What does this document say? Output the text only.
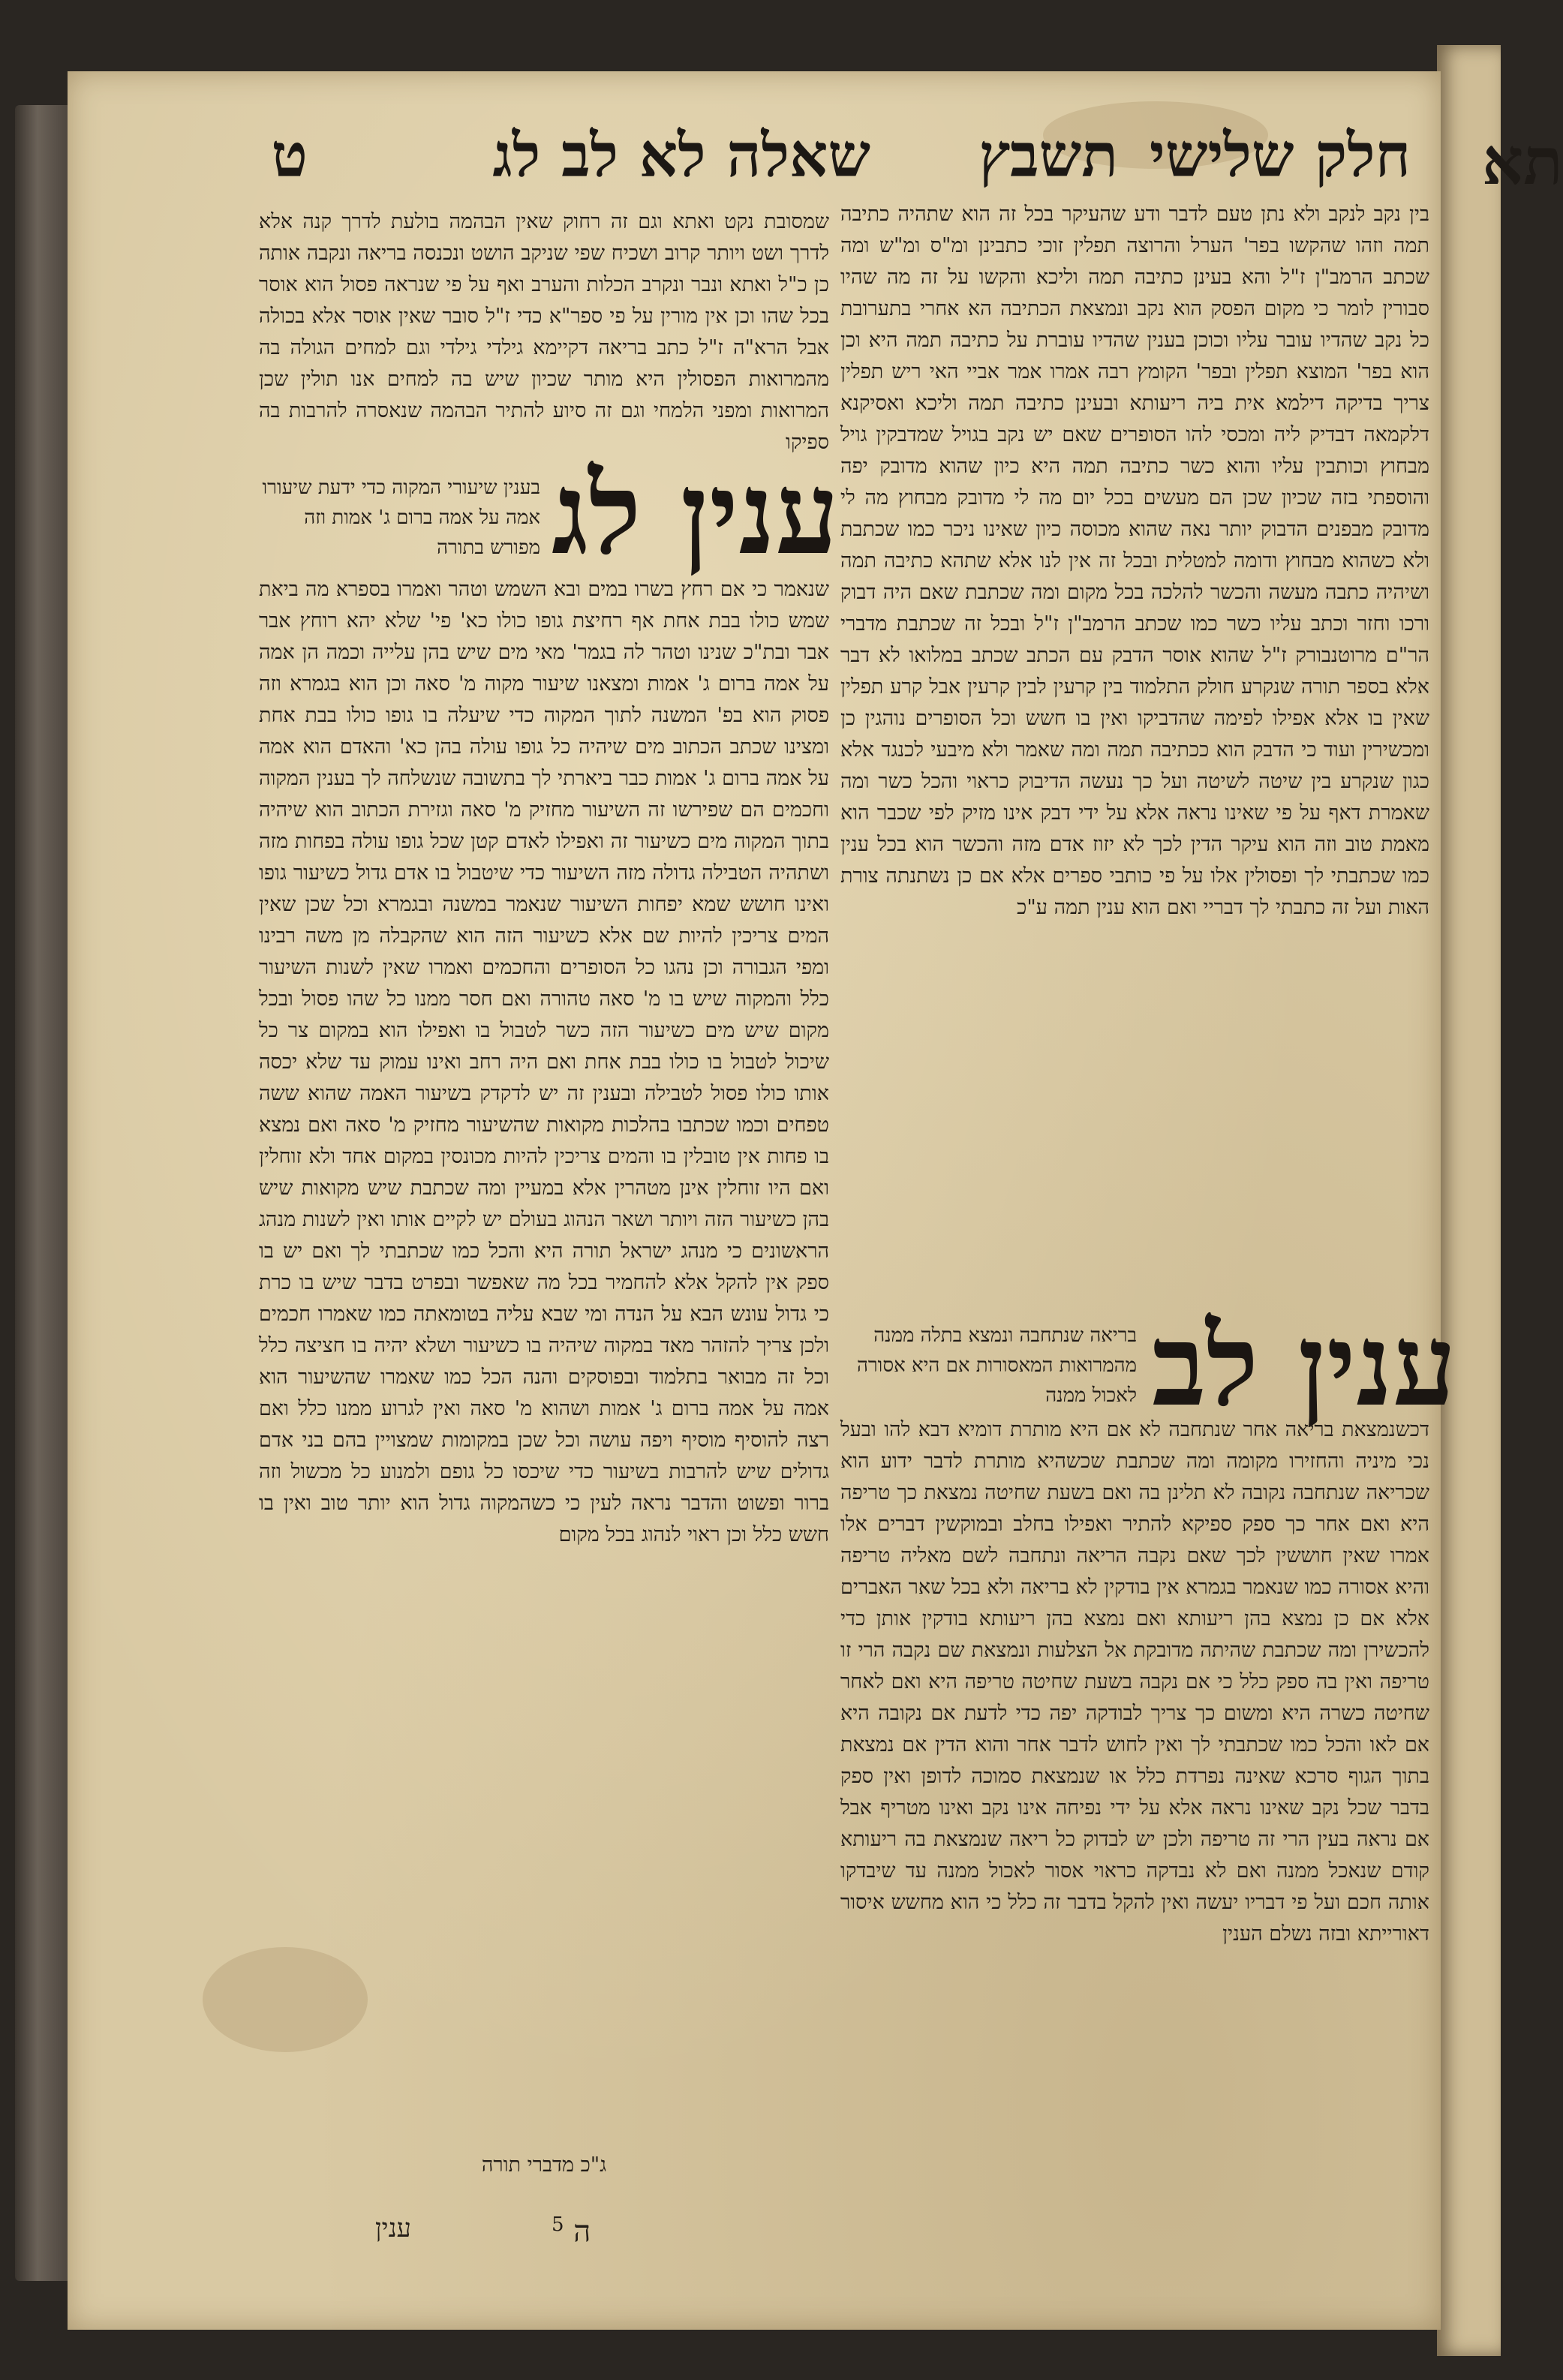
תא
חלק שלישי
תשבץ
שאלה לא לב לג
ט

בין נקב לנקב ולא נתן טעם לדבר ודע שהעיקר בכל זה הוא שתהיה כתיבה תמה וזהו שהקשו בפר' הערל והרוצה תפלין זוכי כתבינן ומ"ס ומ"ש ומה שכתב הרמב"ן ז"ל והא בעינן כתיבה תמה וליכא והקשו על זה מה שהיו סבורין לומר כי מקום הפסק הוא נקב ונמצאת הכתיבה הא אחרי בתערובת כל נקב שהדיו עובר עליו וכוכן בענין שהדיו עוברת על כתיבה תמה היא וכן הוא בפר' המוצא תפלין ובפר' הקומץ רבה אמרו אמר אביי האי ריש תפלין צריך בדיקה דילמא אית ביה ריעותא ובעינן כתיבה תמה וליכא ואסיקנא דלקמאה דבדיק ליה ומכסי להו הסופרים שאם יש נקב בגויל שמדבקין גויל מבחוץ וכותבין עליו והוא כשר כתיבה תמה היא כיון שהוא מדובק יפה והוספתי בזה שכיון שכן הם מעשים בכל יום מה לי מדובק מבחוץ מה לי מדובק מבפנים הדבוק יותר נאה שהוא מכוסה כיון שאינו ניכר כמו שכתבת ולא כשהוא מבחוץ ודומה למטלית ובכל זה אין לנו אלא שתהא כתיבה תמה ושיהיה כתבה מעשה והכשר להלכה בכל מקום ומה שכתבת שאם היה דבוק ורכו וחזר וכתב עליו כשר כמו שכתב הרמב"ן ז"ל ובכל זה שכתבת מדברי הר"ם מרוטנבורק ז"ל שהוא אוסר הדבק עם הכתב שכתב במלואו לא דבר אלא בספר תורה שנקרע חולק התלמוד בין קרעין לבין קרעין אבל קרע תפלין שאין בו אלא אפילו לפימה שהדביקו ואין בו חשש וכל הסופרים נוהגין כן ומכשירין ועוד כי הדבק הוא ככתיבה תמה ומה שאמר ולא מיבעי לכנגד אלא כגון שנקרע בין שיטה לשיטה ועל כך נעשה הדיבוק כראוי והכל כשר ומה שאמרת דאף על פי שאינו נראה אלא על ידי דבק אינו מזיק לפי שכבר הוא מאמת טוב וזה הוא עיקר הדין לכך לא יזוז אדם מזה והכשר הוא בכל ענין כמו שכתבתי לך ופסולין אלו על פי כותבי ספרים אלא אם כן נשתנתה צורת האות ועל זה כתבתי לך דבריי ואם הוא ענין תמה ע"כ

ענין לב
בריאה שנתחבה ונמצא בתלה ממנה מהמרואות המאסורות אם היא אסורה לאכול ממנה

דכשנמצאת בריאה אחר שנתחבה לא אם היא מותרת דומיא דבא להו ובעל נכי מיניה והחזירו מקומה ומה שכתבת שכשהיא מותרת לדבר ידוע הוא שכריאה שנתחבה נקובה לא תלינן בה ואם בשעת שחיטה נמצאת כך טריפה היא ואם אחר כך ספק ספיקא להתיר ואפילו בחלב ובמוקשין דברים אלו אמרו שאין חוששין לכך שאם נקבה הריאה ונתחבה לשם מאליה טריפה והיא אסורה כמו שנאמר בגמרא אין בודקין לא בריאה ולא בכל שאר האברים אלא אם כן נמצא בהן ריעותא ואם נמצא בהן ריעותא בודקין אותן כדי להכשירן ומה שכתבת שהיתה מדובקת אל הצלעות ונמצאת שם נקבה הרי זו טריפה ואין בה ספק כלל כי אם נקבה בשעת שחיטה טריפה היא ואם לאחר שחיטה כשרה היא ומשום כך צריך לבודקה יפה כדי לדעת אם נקובה היא אם לאו והכל כמו שכתבתי לך ואין לחוש לדבר אחר והוא הדין אם נמצאת בתוך הגוף סרכא שאינה נפרדת כלל או שנמצאת סמוכה לדופן ואין ספק בדבר שכל נקב שאינו נראה אלא על ידי נפיחה אינו נקב ואינו מטריף אבל אם נראה בעין הרי זה טריפה ולכן יש לבדוק כל ריאה שנמצאת בה ריעותא קודם שנאכל ממנה ואם לא נבדקה כראוי אסור לאכול ממנה עד שיבדקו אותה חכם ועל פי דבריו יעשה ואין להקל בדבר זה כלל כי הוא מחשש איסור דאורייתא ובזה נשלם הענין

שמסובת נקט ואתא וגם זה רחוק שאין הבהמה בולעת לדרך קנה אלא לדרך ושט ויותר קרוב ושכיח שפי שניקב הושט ונכנסה בריאה ונקבה אותה כן כ"ל ואתא ונבר ונקרב הכלות והערב ואף על פי שנראה פסול הוא אוסר בכל שהו וכן אין מורין על פי ספר"א כדי ז"ל סובר שאין אוסר אלא בכולה אבל הרא"ה ז"ל כתב בריאה דקיימא גילדי גילדי וגם למחים הגולה בה מהמרואות הפסולין היא מותר שכיון שיש בה למחים אנו תולין שכן המרואות ומפני הלמחי וגם זה סיוע להתיר הבהמה שנאסרה להרבות בה ספיקו

ענין לג
בענין שיעורי המקוה כדי ידעת שיעורו אמה על אמה ברום ג' אמות וזה מפורש בתורה

שנאמר כי אם רחץ בשרו במים ובא השמש וטהר ואמרו בספרא מה ביאת שמש כולו בבת אחת אף רחיצת גופו כולו כא' פי' שלא יהא רוחץ אבר אבר ובת"כ שנינו וטהר לה בגמר' מאי מים שיש בהן עלייה וכמה הן אמה על אמה ברום ג' אמות ומצאנו שיעור מקוה מ' סאה וכן הוא בגמרא וזה פסוק הוא בפ' המשנה לתוך המקוה כדי שיעלה בו גופו כולו בבת אחת ומצינו שכתב הכתוב מים שיהיה כל גופו עולה בהן כא' והאדם הוא אמה על אמה ברום ג' אמות כבר ביארתי לך בתשובה שנשלחה לך בענין המקוה וחכמים הם שפירשו זה השיעור מחזיק מ' סאה וגזירת הכתוב הוא שיהיה בתוך המקוה מים כשיעור זה ואפילו לאדם קטן שכל גופו עולה בפחות מזה ושתהיה הטבילה גדולה מזה השיעור כדי שיטבול בו אדם גדול כשיעור גופו ואינו חושש שמא יפחות השיעור שנאמר במשנה ובגמרא וכל שכן שאין המים צריכין להיות שם אלא כשיעור הזה הוא שהקבלה מן משה רבינו ומפי הגבורה וכן נהגו כל הסופרים והחכמים ואמרו שאין לשנות השיעור כלל והמקוה שיש בו מ' סאה טהורה ואם חסר ממנו כל שהו פסול ובכל מקום שיש מים כשיעור הזה כשר לטבול בו ואפילו הוא במקום צר כל שיכול לטבול בו כולו בבת אחת ואם היה רחב ואינו עמוק עד שלא יכסה אותו כולו פסול לטבילה ובענין זה יש לדקדק בשיעור האמה שהוא ששה טפחים וכמו שכתבו בהלכות מקואות שהשיעור מחזיק מ' סאה ואם נמצא בו פחות אין טובלין בו והמים צריכין להיות מכונסין במקום אחד ולא זוחלין ואם היו זוחלין אינן מטהרין אלא במעיין ומה שכתבת שיש מקואות שיש בהן כשיעור הזה ויותר ושאר הנהוג בעולם יש לקיים אותו ואין לשנות מנהג הראשונים כי מנהג ישראל תורה היא והכל כמו שכתבתי לך ואם יש בו ספק אין להקל אלא להחמיר בכל מה שאפשר ובפרט בדבר שיש בו כרת כי גדול עונש הבא על הנדה ומי שבא עליה בטומאתה כמו שאמרו חכמים ולכן צריך להזהר מאד במקוה שיהיה בו כשיעור ושלא יהיה בו חציצה כלל וכל זה מבואר בתלמוד ובפוסקים והנה הכל כמו שאמרו שהשיעור הוא אמה על אמה ברום ג' אמות ושהוא מ' סאה ואין לגרוע ממנו כלל ואם רצה להוסיף מוסיף ויפה עושה וכל שכן במקומות שמצויין בהם בני אדם גדולים שיש להרבות בשיעור כדי שיכסו כל גופם ולמנוע כל מכשול וזה ברור ופשוט והדבר נראה לעין כי כשהמקוה גדול הוא יותר טוב ואין בו חשש כלל וכן ראוי לנהוג בכל מקום

ג"כ מדברי תורה

ה $^5$
ענין
